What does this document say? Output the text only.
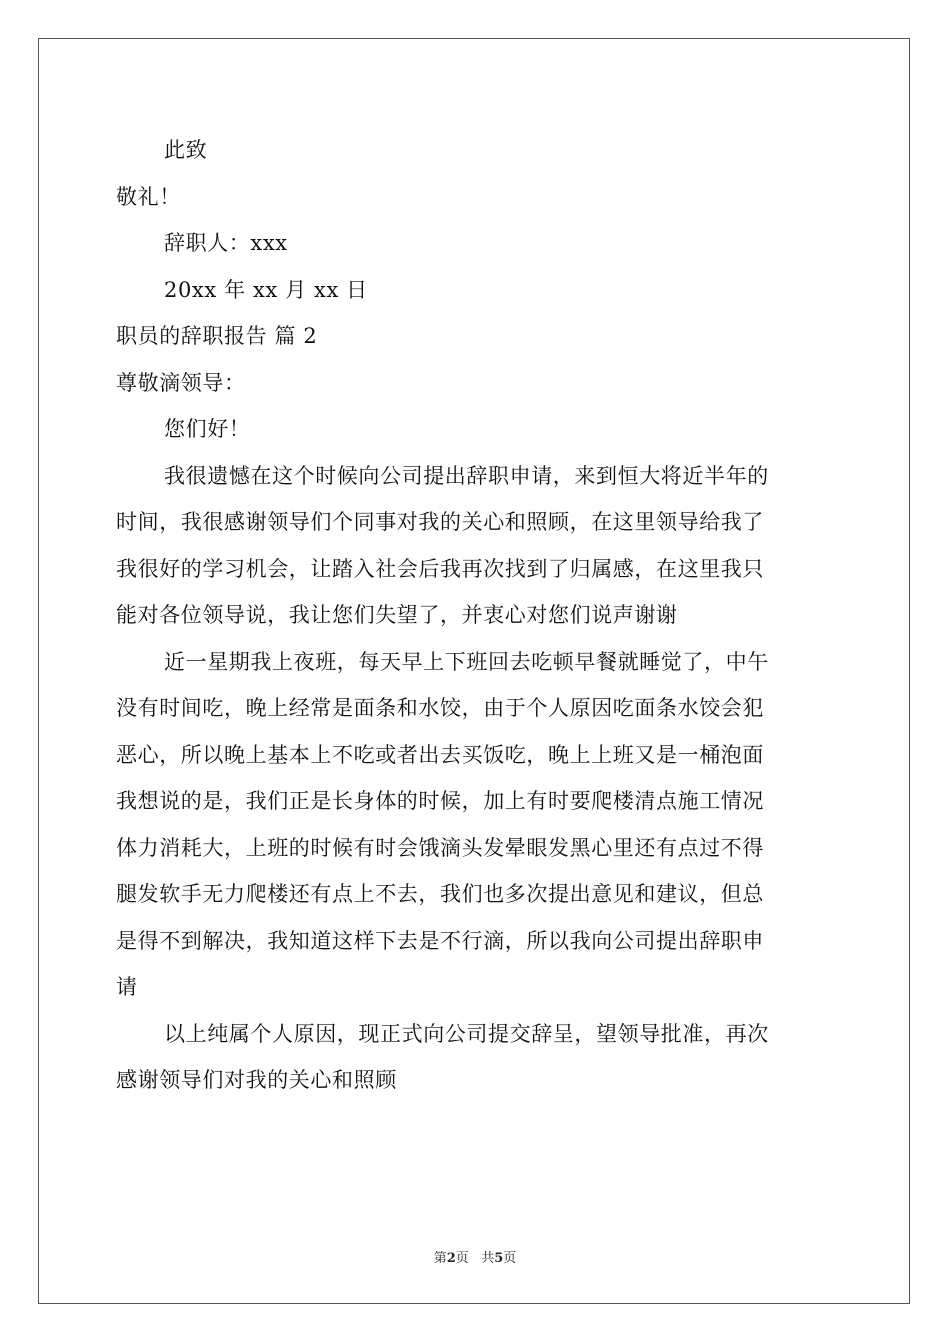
此致

敬礼！

辞职人：xxx

20xx 年 xx 月 xx 日

职员的辞职报告 篇 2

尊敬滴领导：

您们好！

我很遗憾在这个时候向公司提出辞职申请，来到恒大将近半年的

时间，我很感谢领导们个同事对我的关心和照顾，在这里领导给我了

我很好的学习机会，让踏入社会后我再次找到了归属感，在这里我只

能对各位领导说，我让您们失望了，并衷心对您们说声谢谢

近一星期我上夜班，每天早上下班回去吃顿早餐就睡觉了，中午

没有时间吃，晚上经常是面条和水饺，由于个人原因吃面条水饺会犯

恶心，所以晚上基本上不吃或者出去买饭吃，晚上上班又是一桶泡面

我想说的是，我们正是长身体的时候，加上有时要爬楼清点施工情况

体力消耗大，上班的时候有时会饿滴头发晕眼发黑心里还有点过不得

腿发软手无力爬楼还有点上不去，我们也多次提出意见和建议，但总

是得不到解决，我知道这样下去是不行滴，所以我向公司提出辞职申

请

以上纯属个人原因，现正式向公司提交辞呈，望领导批准，再次

感谢领导们对我的关心和照顾

第2页 共5页
